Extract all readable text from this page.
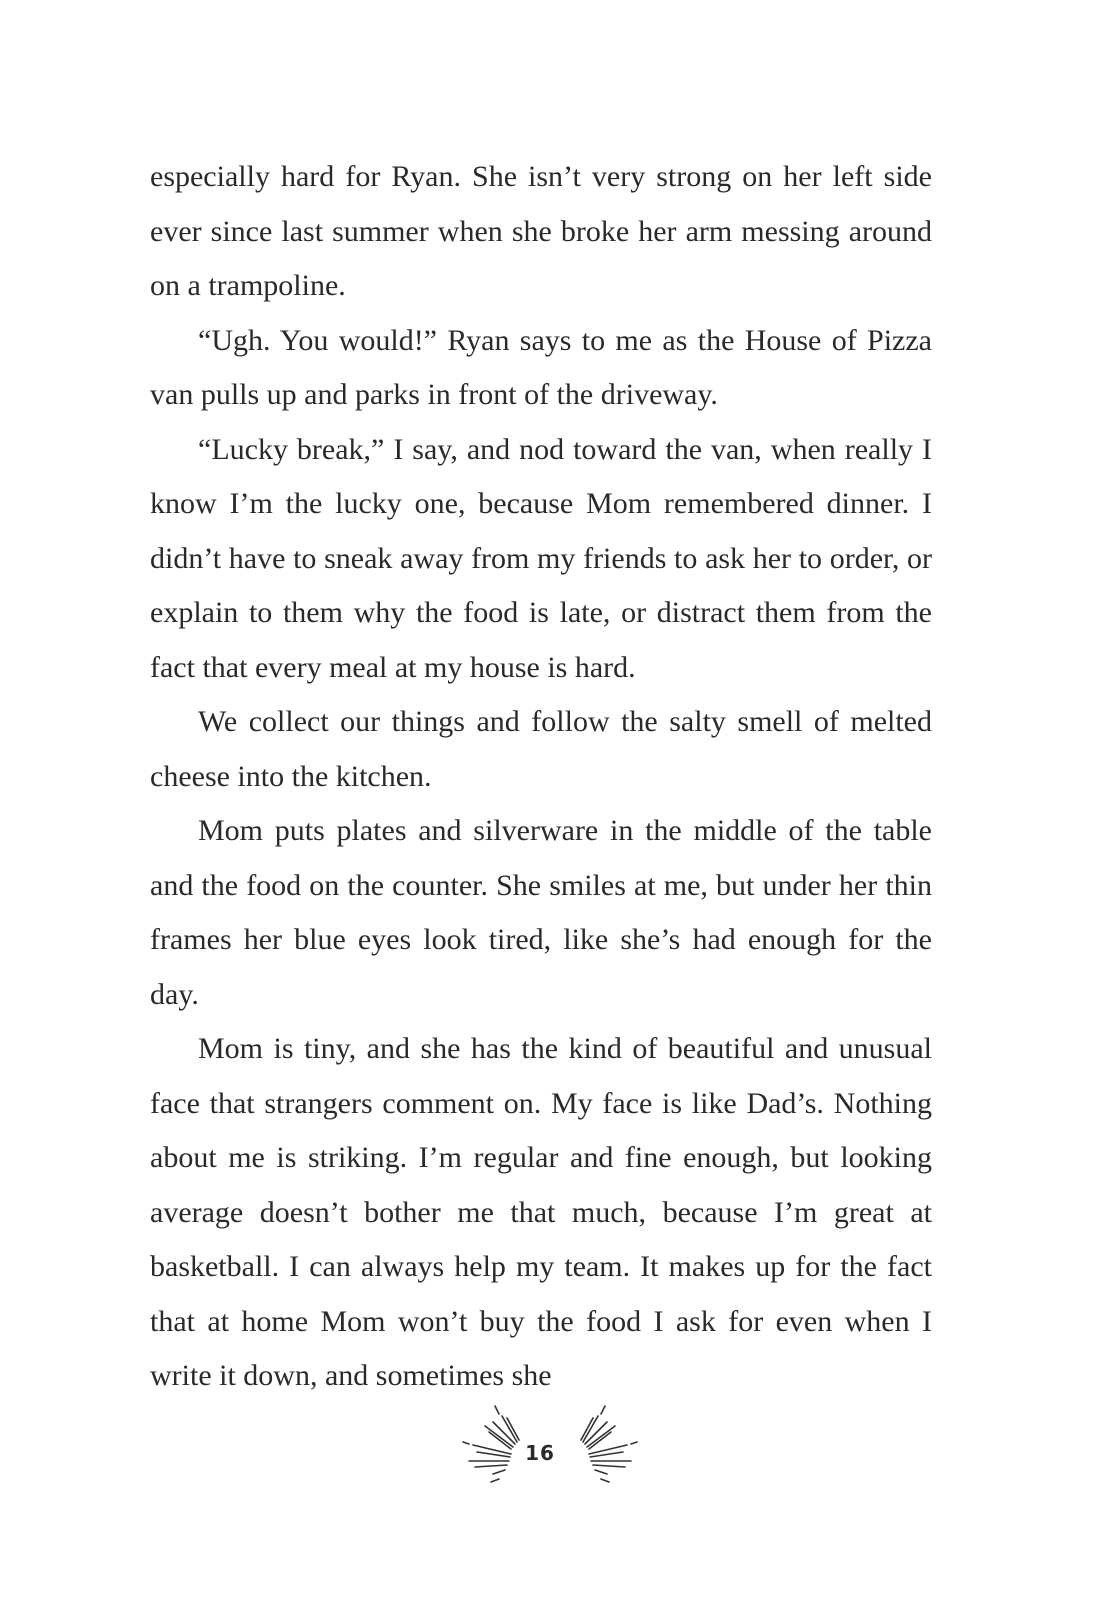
especially hard for Ryan. She isn’t very strong on her left side ever since last summer when she broke her arm messing around on a trampoline.

“Ugh. You would!” Ryan says to me as the House of Pizza van pulls up and parks in front of the driveway.

“Lucky break,” I say, and nod toward the van, when really I know I’m the lucky one, because Mom remembered dinner. I didn’t have to sneak away from my friends to ask her to order, or explain to them why the food is late, or distract them from the fact that every meal at my house is hard.

We collect our things and follow the salty smell of melted cheese into the kitchen.

Mom puts plates and silverware in the middle of the table and the food on the counter. She smiles at me, but under her thin frames her blue eyes look tired, like she’s had enough for the day.

Mom is tiny, and she has the kind of beautiful and unusual face that strangers comment on. My face is like Dad’s. Nothing about me is striking. I’m regular and fine enough, but looking average doesn’t bother me that much, because I’m great at basketball. I can always help my team. It makes up for the fact that at home Mom won’t buy the food I ask for even when I write it down, and sometimes she

16
